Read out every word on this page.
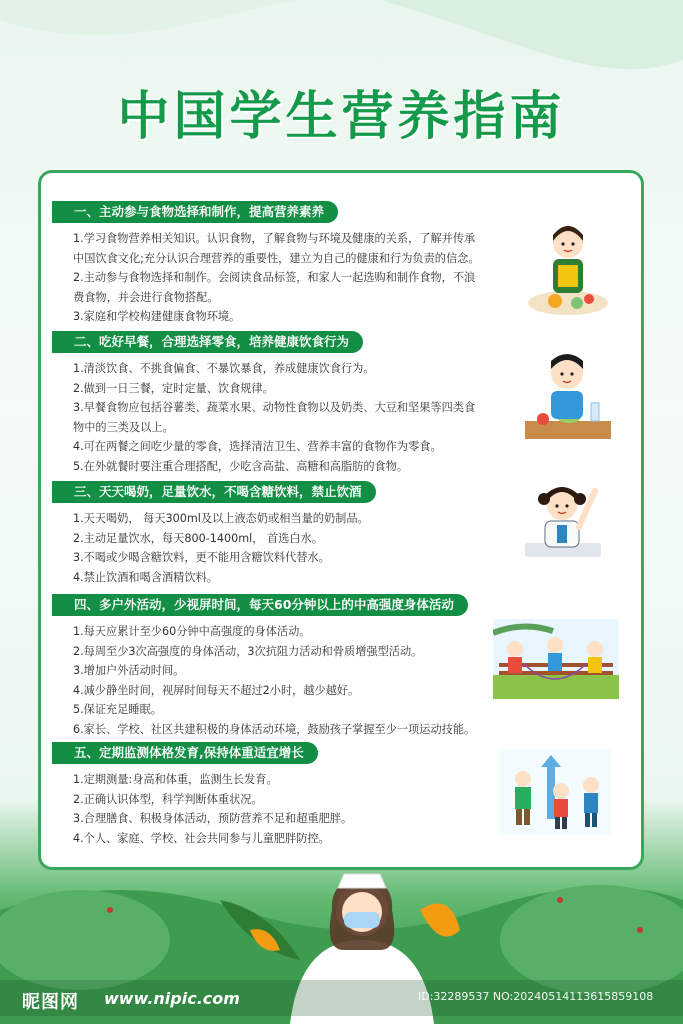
中国学生营养指南
一、主动参与食物选择和制作，提高营养素养
1.学习食物营养相关知识。认识食物，了解食物与环境及健康的关系，了解并传承
中国饮食文化;充分认识合理营养的重要性，建立为自己的健康和行为负责的信念。
2.主动参与食物选择和制作。会阅读食品标签，和家人一起选购和制作食物，不浪
费食物，并会进行食物搭配。
3.家庭和学校构建健康食物环境。
二、吃好早餐，合理选择零食，培养健康饮食行为
1.清淡饮食、不挑食偏食、不暴饮暴食，养成健康饮食行为。
2.做到一日三餐，定时定量、饮食规律。
3.早餐食物应包括谷薯类、蔬菜水果、动物性食物以及奶类、大豆和坚果等四类食
物中的三类及以上。
4.可在两餐之间吃少量的零食，选择清洁卫生、营养丰富的食物作为零食。
5.在外就餐时要注重合理搭配，少吃含高盐、高糖和高脂肪的食物。
三、天天喝奶，足量饮水，不喝含糖饮料，禁止饮酒
1.天天喝奶， 每天300ml及以上液态奶或相当量的奶制品。
2.主动足量饮水，每天800-1400ml， 首选白水。
3.不喝或少喝含糖饮料，更不能用含糖饮料代替水。
4.禁止饮酒和喝含酒精饮料。
四、多户外活动，少视屏时间，每天60分钟以上的中高强度身体活动
1.每天应累计至少60分钟中高强度的身体活动。
2.每周至少3次高强度的身体活动，3次抗阻力活动和骨质增强型活动。
3.增加户外活动时间。
4.减少静坐时间，视屏时间每天不超过2小时，越少越好。
5.保证充足睡眠。
6.家长、学校、社区共建积极的身体活动环境，鼓励孩子掌握至少一项运动技能。
五、定期监测体格发育,保持体重适宜增长
1.定期测量:身高和体重，监测生长发育。
2.正确认识体型，科学判断体重状况。
3.合理膳食、积极身体活动，预防营养不足和超重肥胖。
4.个人、家庭、学校、社会共同参与儿童肥胖防控。
昵图网 www.nipic.com	ID:32289537 NO:20240514113615859108
